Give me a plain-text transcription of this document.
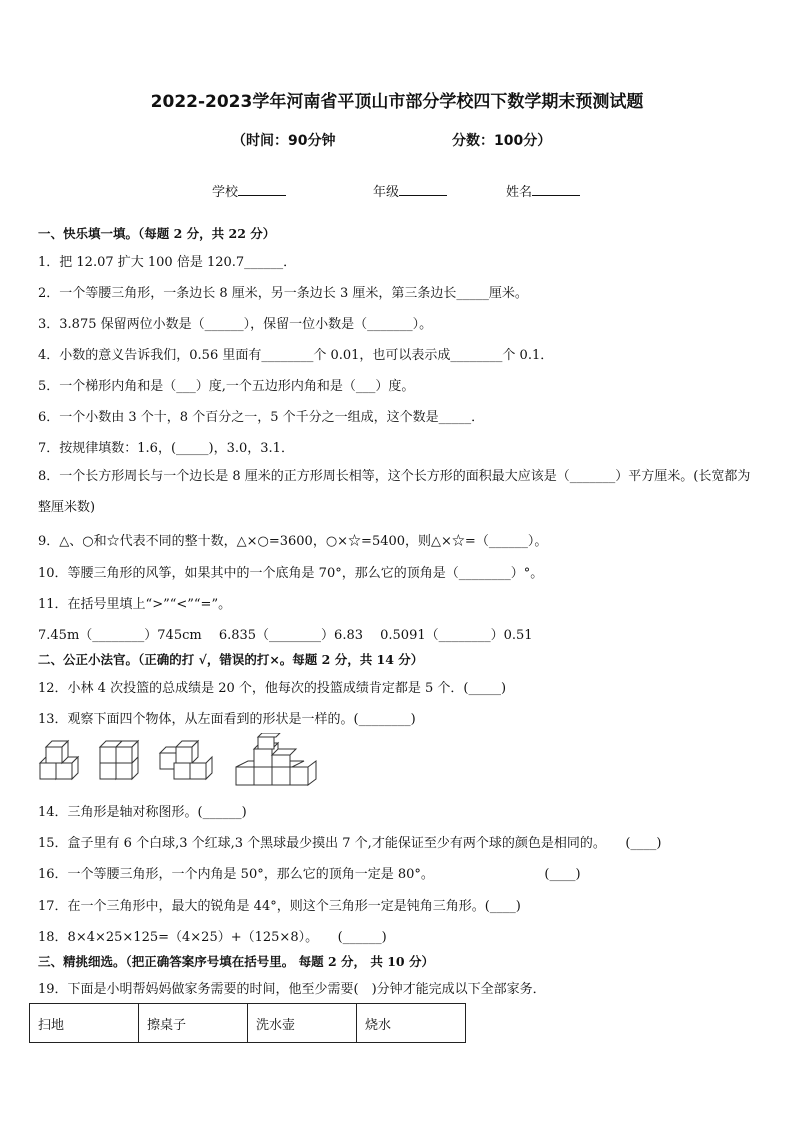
2022-2023学年河南省平顶山市部分学校四下数学期末预测试题
（时间：90分钟	分数：100分）
学校	年级	姓名
一、快乐填一填。（每题 2 分，共 22 分）
1．把 12.07 扩大 100 倍是 120.7______．
2．一个等腰三角形，一条边长 8 厘米，另一条边长 3 厘米，第三条边长_____厘米。
3．3.875 保留两位小数是（______），保留一位小数是（_______）。
4．小数的意义告诉我们，0.56 里面有________个 0.01，也可以表示成________个 0.1．
5．一个梯形内角和是（___）度,一个五边形内角和是（___）度。
6．一个小数由 3 个十，8 个百分之一，5 个千分之一组成，这个数是_____．
7．按规律填数：1.6，(_____)，3.0，3.1．
8．一个长方形周长与一个边长是 8 厘米的正方形周长相等，这个长方形的面积最大应该是（_______）平方厘米。(长宽都为整厘米数)
9．△、○和☆代表不同的整十数，△×○=3600，○×☆=5400，则△×☆=（______）。
10．等腰三角形的风筝，如果其中的一个底角是 70°，那么它的顶角是（________）°。
11．在括号里填上“>”“<”“=”。
7.45m（________）745cm　 6.835（________）6.83　 0.5091（________）0.51
二、公正小法官。（正确的打 √，错误的打×。每题 2 分，共 14 分）
12．小林 4 次投篮的总成绩是 20 个，他每次的投篮成绩肯定都是 5 个．(_____)
13．观察下面四个物体，从左面看到的形状是一样的。(________)
14．三角形是轴对称图形。(______)
15．盒子里有 6 个白球,3 个红球,3 个黑球最少摸出 7 个,才能保证至少有两个球的颜色是相同的。　　(____)
16．一个等腰三角形，一个内角是 50°，那么它的顶角一定是 80°。　　　　　　　　　(____)
17．在一个三角形中，最大的锐角是 44°，则这个三角形一定是钝角三角形。(____)
18．8×4×25×125=（4×25）+（125×8）。　　(______)
三、精挑细选。（把正确答案序号填在括号里。 每题 2 分， 共 10 分）
19．下面是小明帮妈妈做家务需要的时间，他至少需要(　)分钟才能完成以下全部家务．
扫地	擦桌子	洗水壶	烧水
